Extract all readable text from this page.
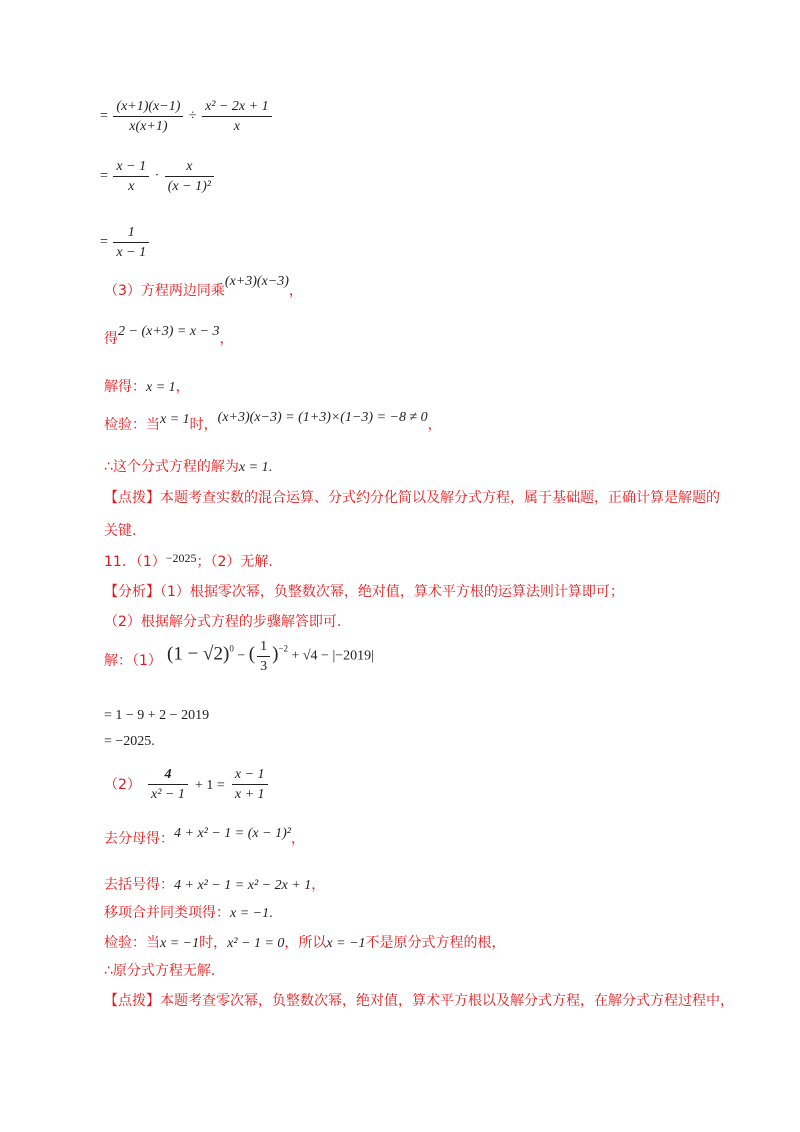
= $\frac{(x+1)(x-1)}{x(x+1)} \div \frac{\text{x² − 2x + 1}}{x}$
= $\frac{x - 1}{x} \cdot \frac{x}{\text{(x − 1)²}}$
= $\frac{1}{x - 1}$
（3）方程两边同乘(x+3)(x−3)，
得2 − (x+3) = x − 3，
解得：x = 1，
检验：当x = 1时，(x+3)(x−3) = (1+3)×(1−3) = −8 ≠ 0，
∴这个分式方程的解为x = 1.
【点拨】本题考查实数的混合运算、分式约分化简以及解分式方程，属于基础题，正确计算是解题的
关键.
11．$(1)^{-2025}$；（2）无解.
【分析】（1）根据零次幂，负整数次幂，绝对值，算术平方根的运算法则计算即可；
（2）根据解分式方程的步骤解答即可.
解：（1） $(1 - √2)^0$ − ( $\frac{1}{3} )^{-2} + √4 - |-2019|$
= 1 − 9 + 2 − 2019
= −2025.
$(2) \frac{4}{\text{x² − 1}} + 1 = \frac{x - 1}{x + 1}$
去分母得：4 + x² − 1 = (x − 1)²，
去括号得：4 + x² − 1 = x² − 2x + 1，
移项合并同类项得：x = −1.
检验：当x = −1时，x² − 1 = 0，所以x = −1不是原分式方程的根，
∴原分式方程无解.
【点拨】本题考查零次幂，负整数次幂，绝对值，算术平方根以及解分式方程，在解分式方程过程中，
